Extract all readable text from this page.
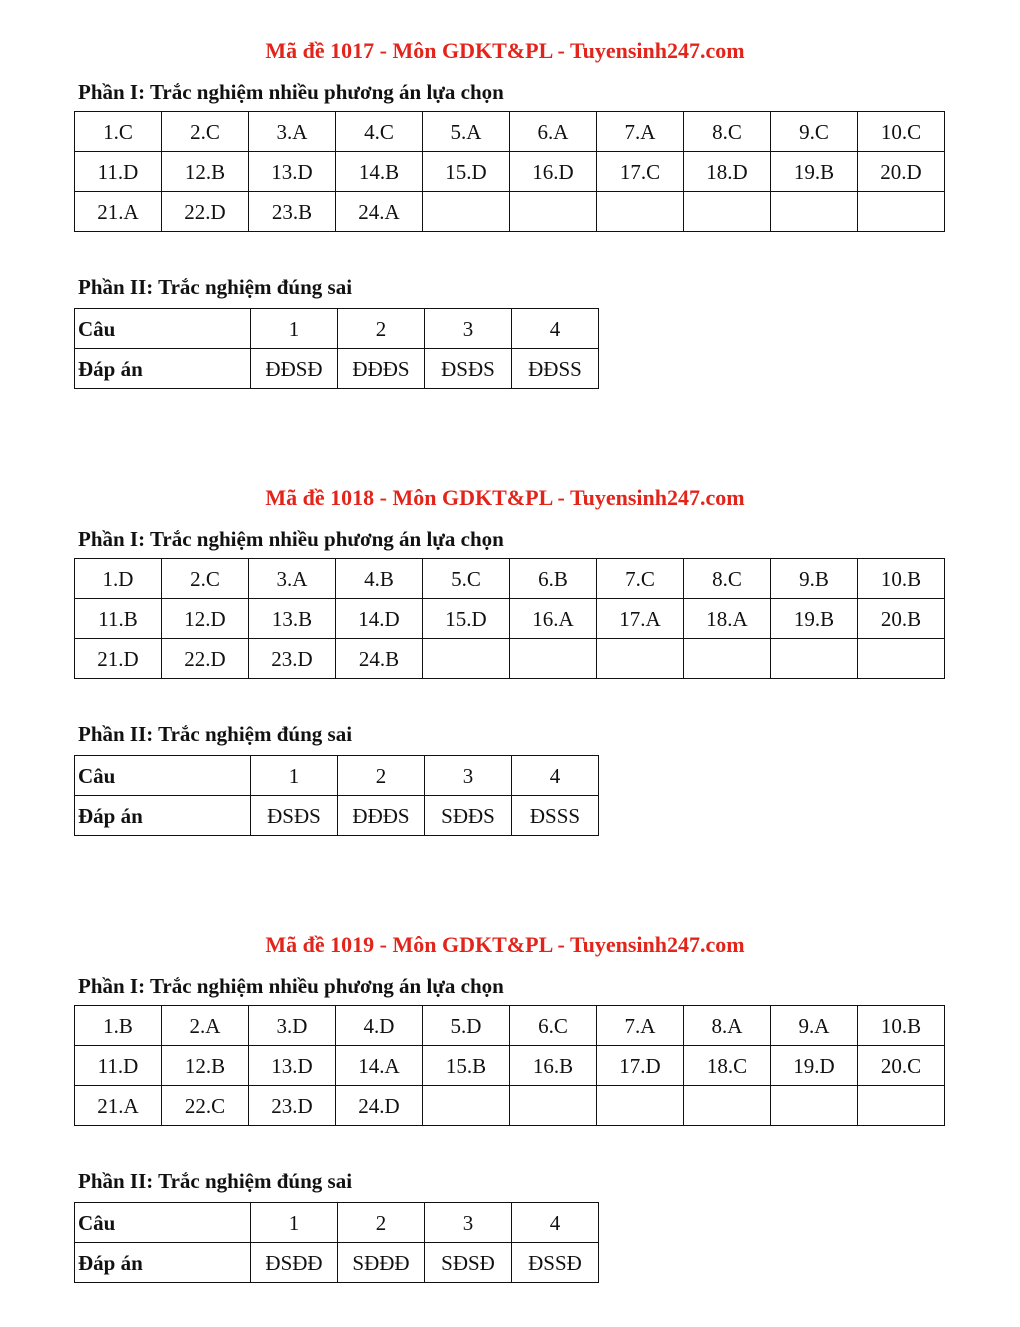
Mã đề 1017 - Môn GDKT&PL - Tuyensinh247.com
Phần I: Trắc nghiệm nhiều phương án lựa chọn
1.C	2.C	3.A	4.C	5.A	6.A	7.A	8.C	9.C	10.C
11.D	12.B	13.D	14.B	15.D	16.D	17.C	18.D	19.B	20.D
21.A	22.D	23.B	24.A						
Phần II: Trắc nghiệm đúng sai
Câu	1	2	3	4
Đáp án	ĐĐSĐ	ĐĐĐS	ĐSĐS	ĐĐSS
Mã đề 1018 - Môn GDKT&PL - Tuyensinh247.com
Phần I: Trắc nghiệm nhiều phương án lựa chọn
1.D	2.C	3.A	4.B	5.C	6.B	7.C	8.C	9.B	10.B
11.B	12.D	13.B	14.D	15.D	16.A	17.A	18.A	19.B	20.B
21.D	22.D	23.D	24.B						
Phần II: Trắc nghiệm đúng sai
Câu	1	2	3	4
Đáp án	ĐSĐS	ĐĐĐS	SĐĐS	ĐSSS
Mã đề 1019 - Môn GDKT&PL - Tuyensinh247.com
Phần I: Trắc nghiệm nhiều phương án lựa chọn
1.B	2.A	3.D	4.D	5.D	6.C	7.A	8.A	9.A	10.B
11.D	12.B	13.D	14.A	15.B	16.B	17.D	18.C	19.D	20.C
21.A	22.C	23.D	24.D						
Phần II: Trắc nghiệm đúng sai
Câu	1	2	3	4
Đáp án	ĐSĐĐ	SĐĐĐ	SĐSĐ	ĐSSĐ
